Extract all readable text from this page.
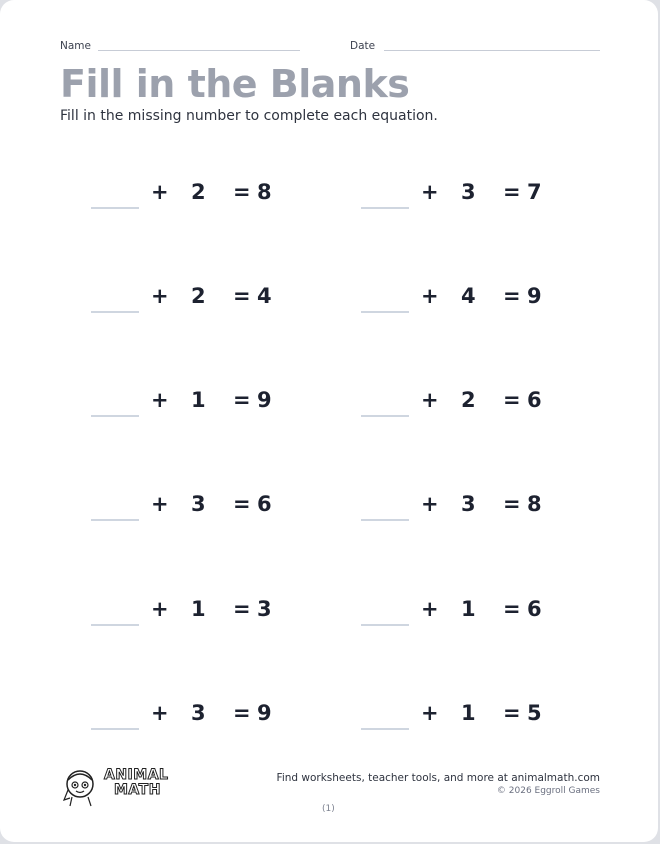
Name	Date
Fill in the Blanks
Fill in the missing number to complete each equation.
+ 2 = 8	+ 3 = 7
+ 2 = 4	+ 4 = 9
+ 1 = 9	+ 2 = 6
+ 3 = 6	+ 3 = 8
+ 1 = 3	+ 1 = 6
+ 3 = 9	+ 1 = 5
ANIMAL
MATH
Find worksheets, teacher tools, and more at animalmath.com
© 2026 Eggroll Games
(1)
